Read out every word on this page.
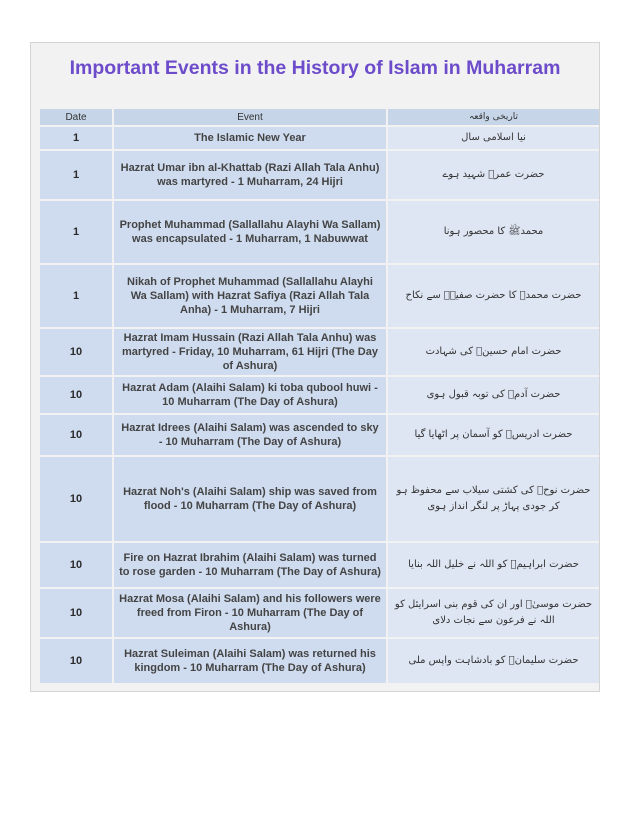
Important Events in the History of Islam in Muharram
Date	Event	تاریخی واقعہ
1	The Islamic New Year	نیا اسلامی سال
1	Hazrat Umar ibn al-Khattab (Razi Allah Tala Anhu) was martyred - 1 Muharram, 24 Hijri	حضرت عمرؓ شہید ہوے
1	Prophet Muhammad (Sallallahu Alayhi Wa Sallam) was encapsulated - 1 Muharram, 1 Nabuwwat	محمدﷺ کا محصور ہونا
1	Nikah of Prophet Muhammad (Sallallahu Alayhi Wa Sallam) with Hazrat Safiya (Razi Allah Tala Anha) - 1 Muharram, 7 Hijri	حضرت محمدﷺ کا حضرت صفیہؓ سے نکاح
10	Hazrat Imam Hussain (Razi Allah Tala Anhu) was martyred - Friday, 10 Muharram, 61 Hijri (The Day of Ashura)	حضرت امام حسینؓ کی شہادت
10	Hazrat Adam (Alaihi Salam) ki toba qubool huwi - 10 Muharram (The Day of Ashura)	حضرت آدمؑ کی توبہ قبول ہوی
10	Hazrat Idrees (Alaihi Salam) was ascended to sky - 10 Muharram (The Day of Ashura)	حضرت ادریسؑ کو آسمان پر اٹھایا گیا
10	Hazrat Noh's (Alaihi Salam) ship was saved from flood - 10 Muharram (The Day of Ashura)	حضرت نوحؑ کی کشتی سیلاب سے محفوظ ہو کر جودی پہاڑ پر لنگر انداز ہوی
10	Fire on Hazrat Ibrahim (Alaihi Salam) was turned to rose garden - 10 Muharram (The Day of Ashura)	حضرت ابراہیمؑ کو اللہ نے خلیل اللہ بنایا
10	Hazrat Mosa (Alaihi Salam) and his followers were freed from Firon - 10 Muharram (The Day of Ashura)	حضرت موسیٰؑ اور ان کی قوم بنی اسرایئل کو اللہ نے فرعون سے نجات دلای
10	Hazrat Suleiman (Alaihi Salam) was returned his kingdom - 10 Muharram (The Day of Ashura)	حضرت سلیمانؑ کو بادشاہت واپس ملی
